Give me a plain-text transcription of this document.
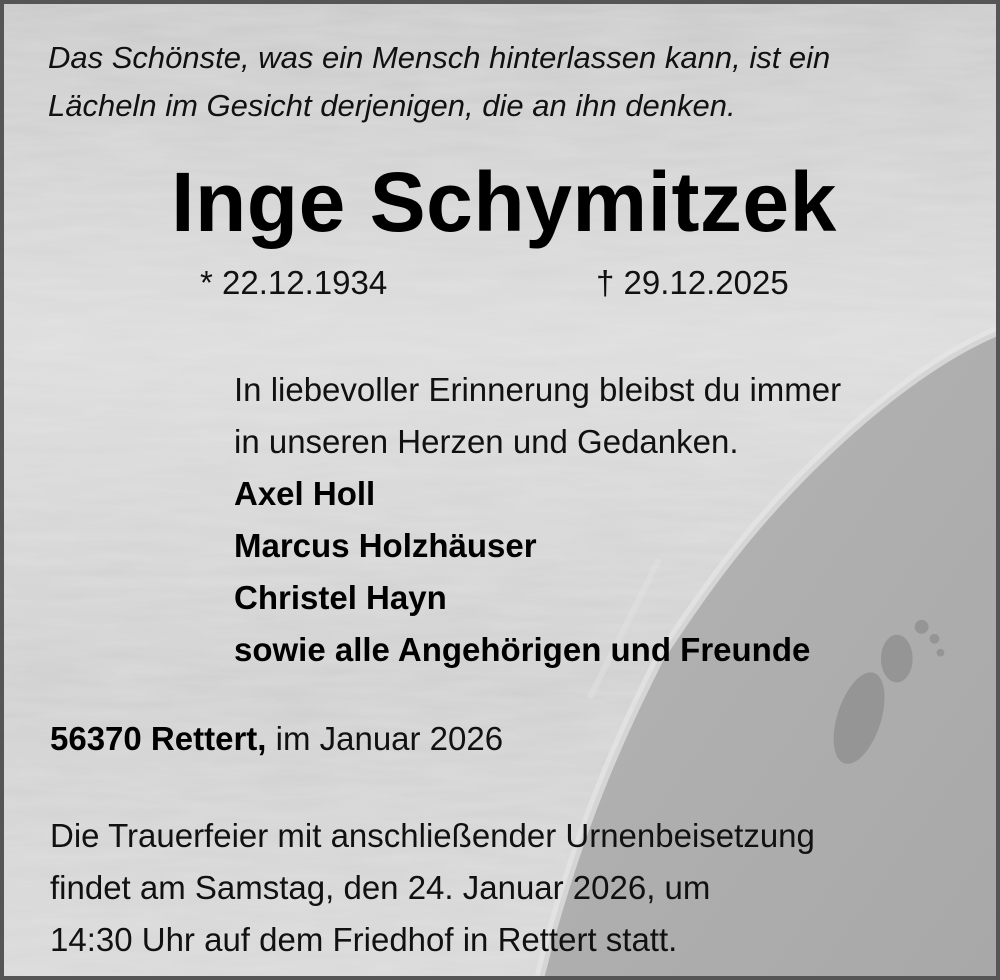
Das Schönste, was ein Mensch hinterlassen kann, ist ein
Lächeln im Gesicht derjenigen, die an ihn denken.
Inge Schymitzek
* 22.12.1934	† 29.12.2025
In liebevoller Erinnerung bleibst du immer
in unseren Herzen und Gedanken.
Axel Holl
Marcus Holzhäuser
Christel Hayn
sowie alle Angehörigen und Freunde
56370 Rettert, im Januar 2026
Die Trauerfeier mit anschließender Urnenbeisetzung
findet am Samstag, den 24. Januar 2026, um
14:30 Uhr auf dem Friedhof in Rettert statt.
